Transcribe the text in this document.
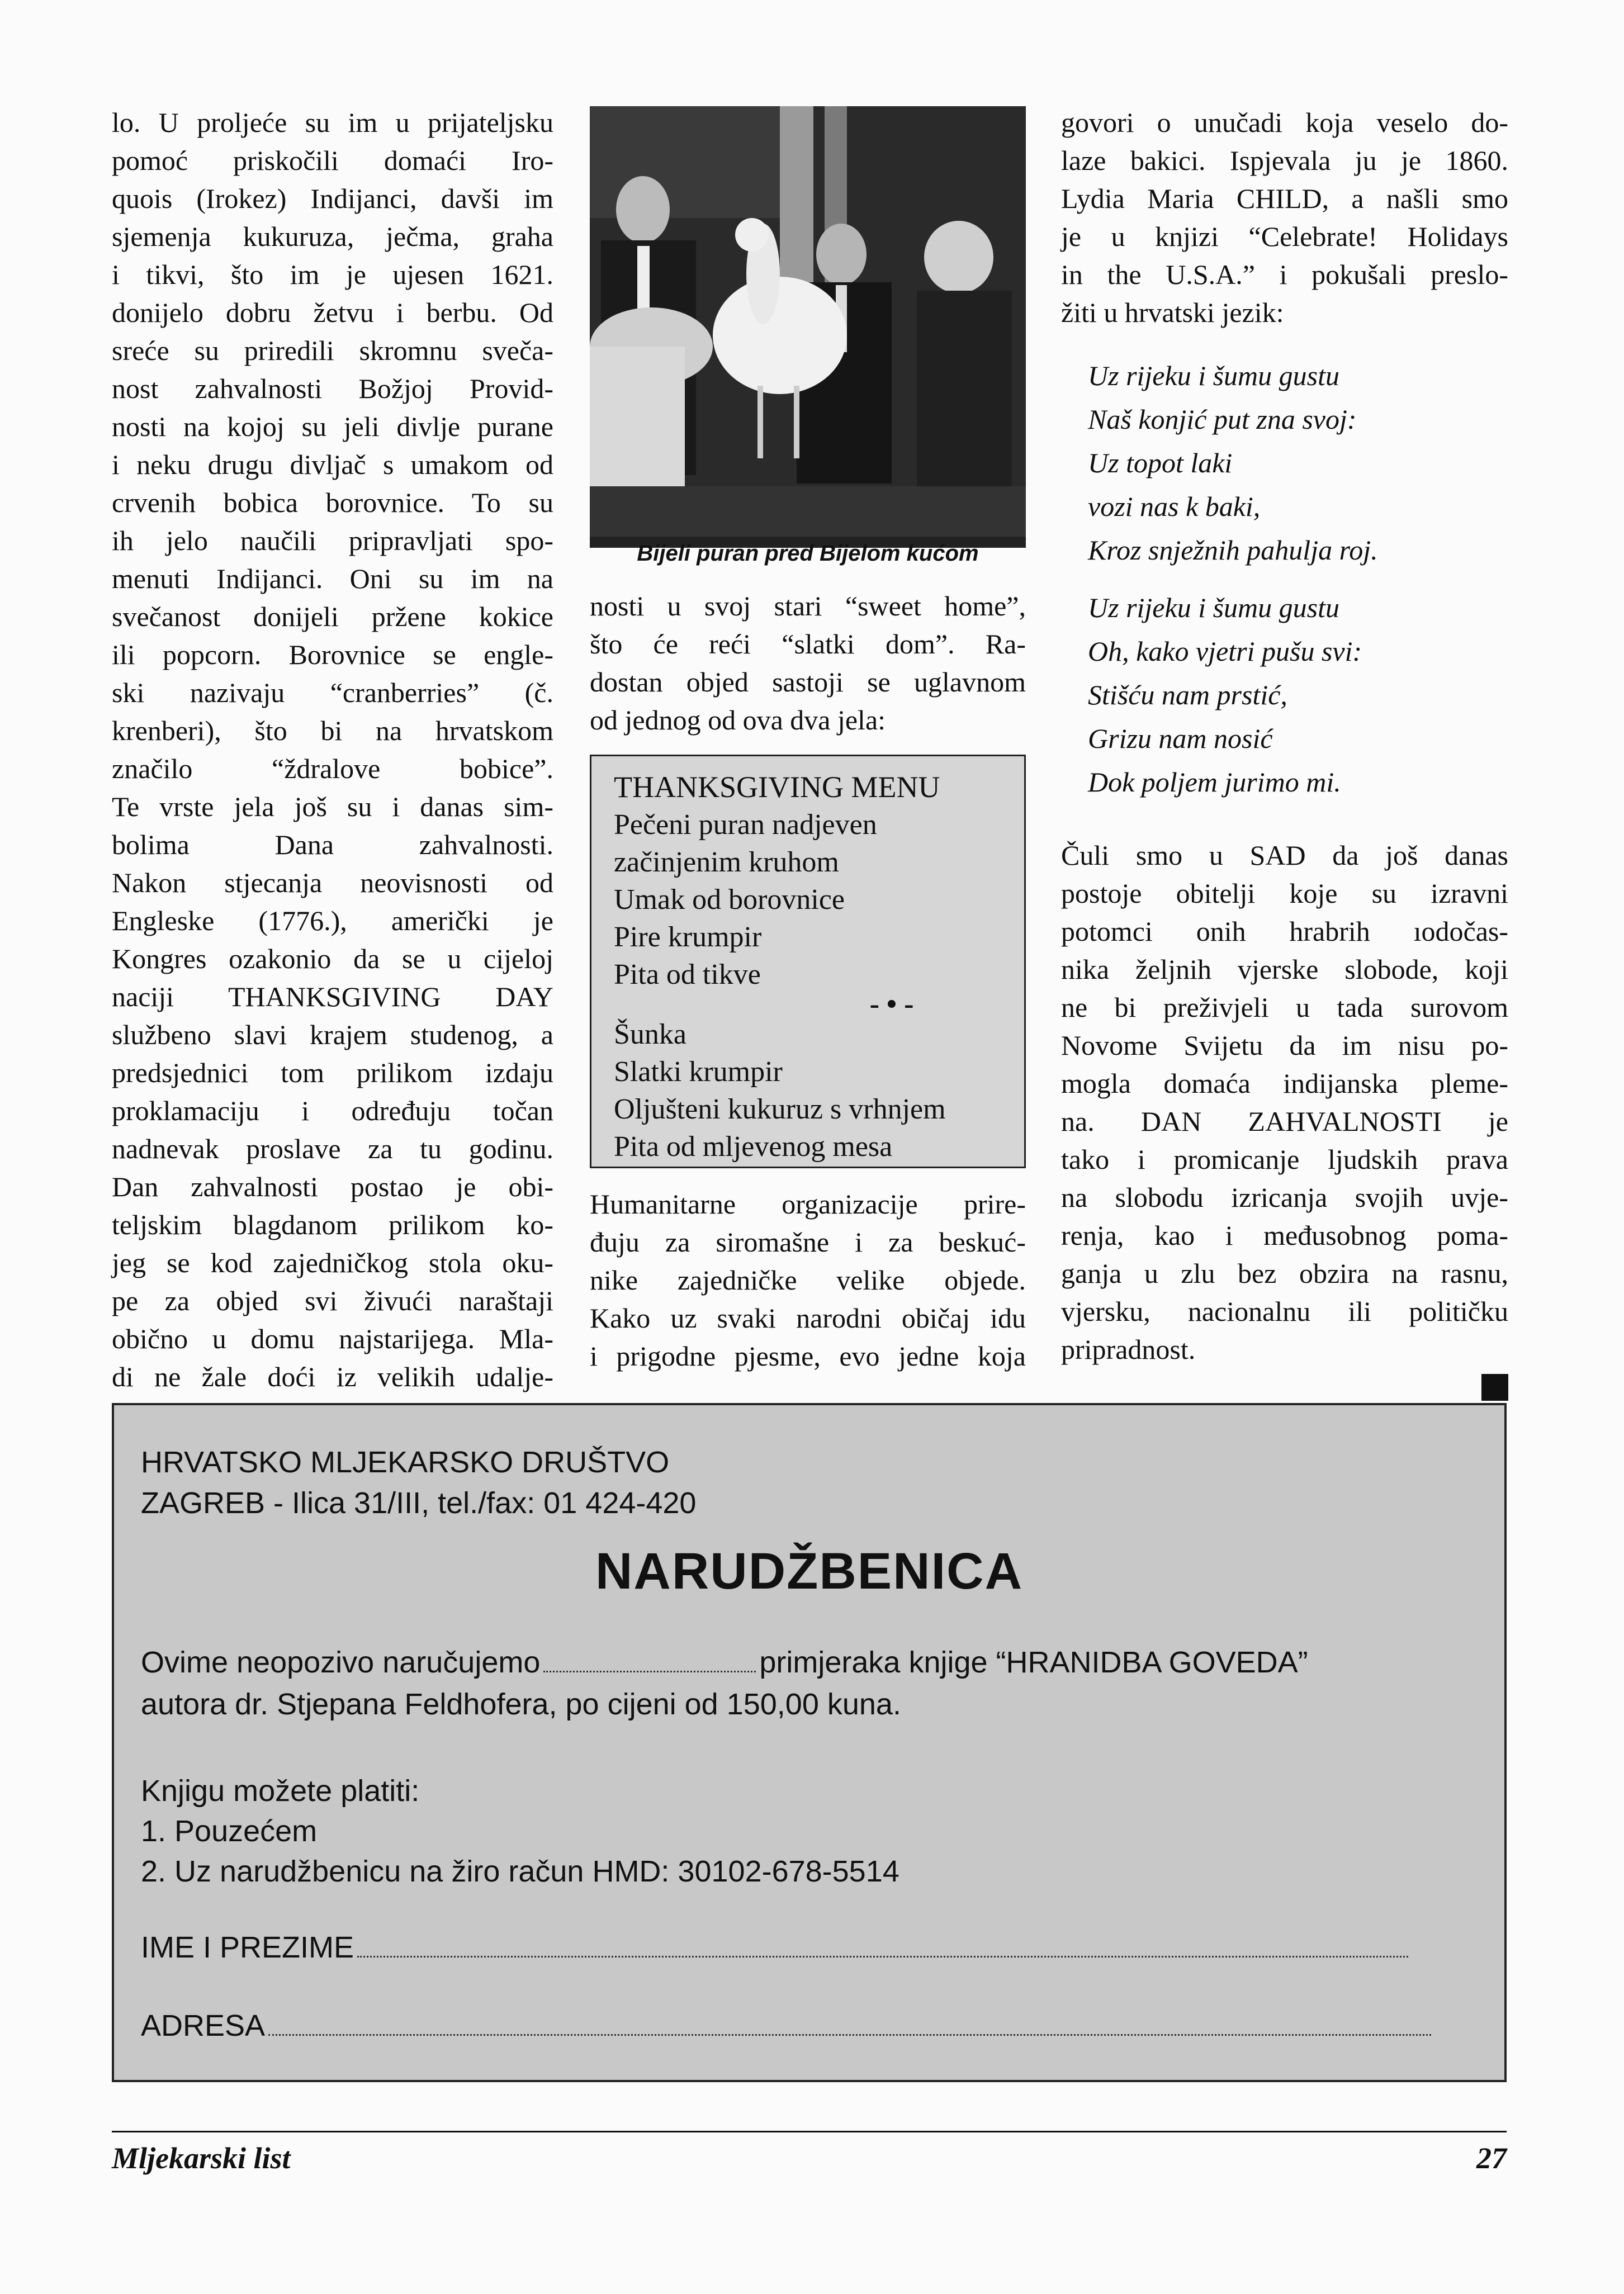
lo. U proljeće su im u prijateljsku

pomoć priskočili domaći Iro-

quois (Irokez) Indijanci, davši im

sjemenja kukuruza, ječma, graha

i tikvi, što im je ujesen 1621.

donijelo dobru žetvu i berbu. Od

sreće su priredili skromnu sveča-

nost zahvalnosti Božjoj Provid-

nosti na kojoj su jeli divlje purane

i neku drugu divljač s umakom od

crvenih bobica borovnice. To su

ih jelo naučili pripravljati spo-

menuti Indijanci. Oni su im na

svečanost donijeli pržene kokice

ili popcorn. Borovnice se engle-

ski nazivaju “cranberries” (č.

krenberi), što bi na hrvatskom

značilo “ždralove bobice”.

Te vrste jela još su i danas sim-

bolima Dana zahvalnosti.

Nakon stjecanja neovisnosti od

Engleske (1776.), američki je

Kongres ozakonio da se u cijeloj

naciji THANKSGIVING DAY

službeno slavi krajem studenog, a

predsjednici tom prilikom izdaju

proklamaciju i određuju točan

nadnevak proslave za tu godinu.

Dan zahvalnosti postao je obi-

teljskim blagdanom prilikom ko-

jeg se kod zajedničkog stola oku-

pe za objed svi živući naraštaji

obično u domu najstarijega. Mla-

di ne žale doći iz velikih udalje-

Bijeli puran pred Bijelom kućom

nosti u svoj stari “sweet home”,

što će reći “slatki dom”. Ra-

dostan objed sastoji se uglavnom

od jednog od ova dva jela:

THANKSGIVING MENU
Pečeni puran nadjeven
začinjenim kruhom
Umak od borovnice
Pire krumpir
Pita od tikve
- • -
Šunka
Slatki krumpir
Oljušteni kukuruz s vrhnjem
Pita od mljevenog mesa

Humanitarne organizacije prire-

đuju za siromašne i za beskuć-

nike zajedničke velike objede.

Kako uz svaki narodni običaj idu

i prigodne pjesme, evo jedne koja

govori o unučadi koja veselo do-

laze bakici. Ispjevala ju je 1860.

Lydia Maria CHILD, a našli smo

je u knjizi “Celebrate! Holidays

in the U.S.A.” i pokušali preslo-

žiti u hrvatski jezik:

Uz rijeku i šumu gustu

Naš konjić put zna svoj:

Uz topot laki

vozi nas k baki,

Kroz snježnih pahulja roj.

Uz rijeku i šumu gustu

Oh, kako vjetri pušu svi:

Stišću nam prstić,

Grizu nam nosić

Dok poljem jurimo mi.

Čuli smo u SAD da još danas

postoje obitelji koje su izravni

potomci onih hrabrih ıodočas-

nika željnih vjerske slobode, koji

ne bi preživjeli u tada surovom

Novome Svijetu da im nisu po-

mogla domaća indijanska pleme-

na. DAN ZAHVALNOSTI je

tako i promicanje ljudskih prava

na slobodu izricanja svojih uvje-

renja, kao i međusobnog poma-

ganja u zlu bez obzira na rasnu,

vjersku, nacionalnu ili političku

pripradnost.

HRVATSKO MLJEKARSKO DRUŠTVO
ZAGREB - Ilica 31/III, tel./fax: 01 424-420
NARUDŽBENICA
Ovime neopozivo naručujemo	primjeraka knjige “HRANIDBA GOVEDA”
autora dr. Stjepana Feldhofera, po cijeni od 150,00 kuna.
Knjigu možete platiti:
1. Pouzećem
2. Uz narudžbenicu na žiro račun HMD: 30102-678-5514
IME I PREZIME
ADRESA
Mljekarski list	27
